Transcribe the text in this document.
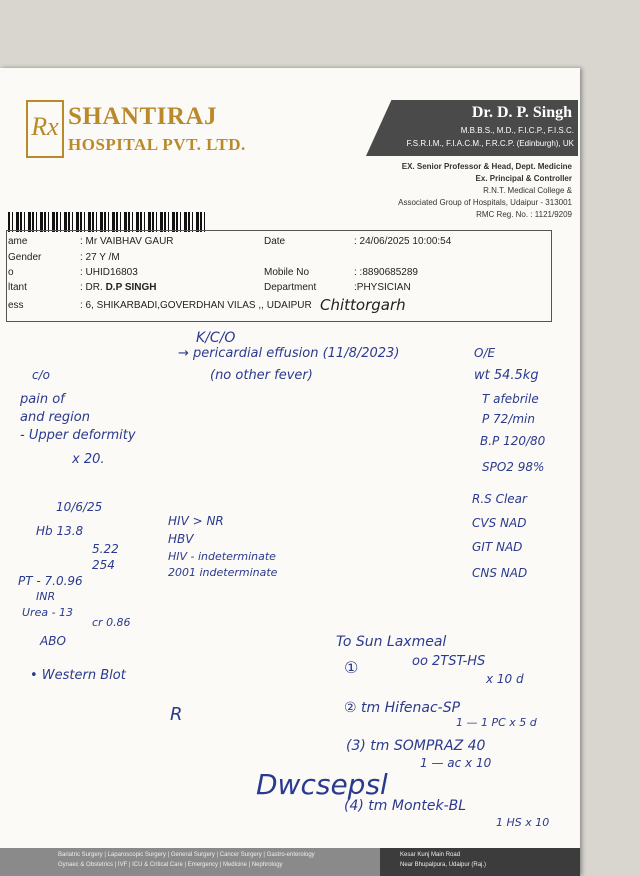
Rx SHANTIRAJ
HOSPITAL PVT. LTD.
Dr. D. P. Singh
M.B.B.S., M.D., F.I.C.P., F.I.S.C.
F.S.R.I.M., F.I.A.C.M., F.R.C.P. (Edinburgh), UK
EX. Senior Professor & Head, Dept. Medicine
Ex. Principal & Controller
R.N.T. Medical College &
Associated Group of Hospitals, Udaipur - 313001
RMC Reg. No. : 1121/9209
ame	: Mr VAIBHAV GAUR	Date	: 24/06/2025 10:00:54
Gender	: 27 Y /M
o	: UHID16803	Mobile No	: :8890685289
ltant	: DR. D.P SINGH	Department	:PHYSICIAN
ess	: 6, SHIKARBADI,GOVERDHAN VILAS ,, UDAIPUR Chittorgarh
K/C/O
→ pericardial effusion (11/8/2023)
(no other fever)
c/o
pain of
and region
- Upper deformity
x 20.
O/E
wt 54.5kg
T afebrile
P 72/min
B.P 120/80
SPO2 98%
R.S Clear
CVS NAD
GIT NAD
CNS NAD
10/6/25
Hb 13.8
5.22
254
PT - 7.0.96
INR
Urea - 13
cr 0.86
ABO
HIV > NR
HBV
HIV - indeterminate
2001 indeterminate
• Western Blot
R
To Sun Laxmeal
①	oo 2TST-HS
x 10 d
② tm Hifenac-SP
1 — 1 PC x 5 d
(3) tm SOMPRAZ 40
1 — ac x 10
(4) tm Montek-BL
1 HS x 10
Dwcsepsl
Bariatric Surgery | Laparoscopic Surgery | General Surgery | Cancer Surgery | Gastro-enterology
Gynaec & Obstetrics | IVF | ICU & Critical Care | Emergency | Medicine | Nephrology
Kesar Kunj Main Road
Near Bhupalpura, Udaipur (Raj.)
